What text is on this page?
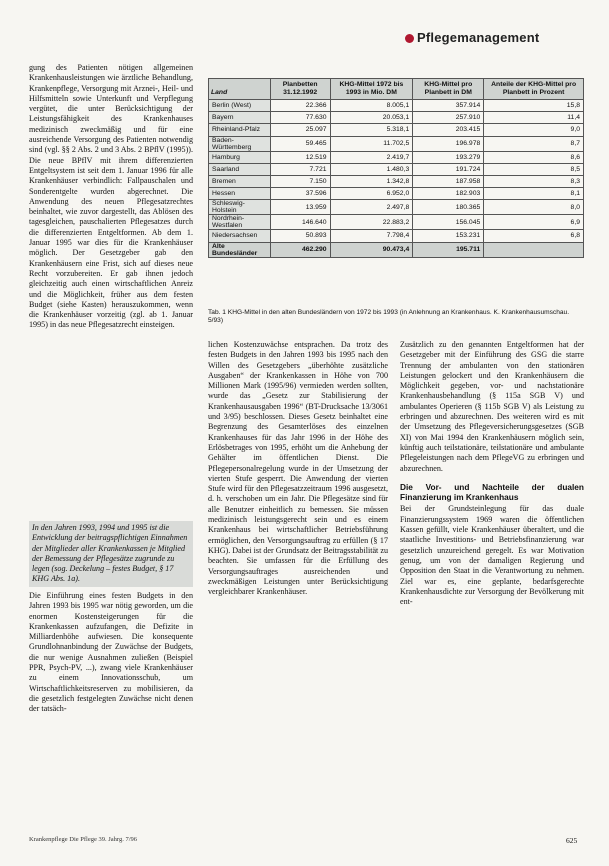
Pflegemanagement

gung des Patienten nötigen allgemeinen Krankenhausleistungen wie ärztliche Behandlung, Krankenpflege, Versorgung mit Arznei-, Heil- und Hilfsmitteln sowie Unterkunft und Verpflegung vergütet, die unter Berücksichtigung der Leistungsfähigkeit des Krankenhauses medizinisch zweckmäßig und für eine ausreichende Versorgung des Patienten notwendig sind (vgl. §§ 2 Abs. 2 und 3 Abs. 2 BPflV (1995)). Die neue BPflV mit ihrem differenzierten Entgeltsystem ist seit dem 1. Januar 1996 für alle Krankenhäuser verbindlich: Fallpauschalen und Sonderentgelte wurden abgerechnet. Die Anwendung des neuen Pflegesatzrechtes beinhaltet, wie zuvor dargestellt, das Ablösen des tagesgleichen, pauschalierten Pflegesatzes durch die differenzierten Entgeltformen. Ab dem 1. Januar 1995 war dies für die Krankenhäuser möglich. Der Gesetzgeber gab den Krankenhäusern eine Frist, sich auf dieses neue Recht vorzubereiten. Er gab ihnen jedoch gleichzeitig auch einen wirtschaftlichen Anreiz und die Möglichkeit, früher aus dem festen Budget (siehe Kasten) herauszukommen, wenn die Krankenhäuser vorzeitig (zgl. ab 1. Januar 1995) in das neue Pflegesatzrecht einsteigen.

In den Jahren 1993, 1994 und 1995 ist die Entwicklung der beitragspflichtigen Einnahmen der Mitglieder aller Krankenkassen je Mitglied der Bemessung der Pflegesätze zugrunde zu legen (sog. Deckelung – festes Budget, § 17 KHG Abs. 1a).
Die Einführung eines festen Budgets in den Jahren 1993 bis 1995 war nötig geworden, um die enormen Kostensteigerungen für die Krankenkassen aufzufangen, die Defizite in Milliardenhöhe aufwiesen. Die konsequente Grundlohnanbindung der Zuwächse der Budgets, die nur wenige Ausnahmen zuließen (Beispiel PPR, Psych-PV, ...), zwang viele Krankenhäuser zu einem Innovationsschub, um Wirtschaftlichkeitsreserven zu mobilisieren, da die gesetzlich festgelegten Zuwächse nicht denen der tatsäch-
Land	Planbetten 31.12.1992	KHG-Mittel 1972 bis 1993 in Mio. DM	KHG-Mittel pro Planbett in DM	Anteile der KHG-Mittel pro Planbett in Prozent
Berlin (West)	22.366	8.005,1	357.914	15,8
Bayern	77.630	20.053,1	257.910	11,4
Rheinland-Pfalz	25.097	5.318,1	203.415	9,0
Baden-Württemberg	59.465	11.702,5	196.978	8,7
Hamburg	12.519	2.419,7	193.279	8,6
Saarland	7.721	1.480,3	191.724	8,5
Bremen	7.150	1.342,8	187.958	8,3
Hessen	37.596	6.952,0	182.903	8,1
Schleswig-Holstein	13.959	2.497,8	180.365	8,0
Nordrhein-Westfalen	146.640	22.883,2	156.045	6,9
Niedersachsen	50.893	7.798,4	153.231	6,8
Alte Bundesländer	462.290	90.473,4	195.711	
Tab. 1 KHG-Mittel in den alten Bundesländern von 1972 bis 1993 (in Anlehnung an Krankenhaus. K. Krankenhausumschau. 5/93)
lichen Kostenzuwächse entsprachen. Da trotz des festen Budgets in den Jahren 1993 bis 1995 nach den Willen des Gesetzgebers „überhöhte zusätzliche Ausgaben“ der Krankenkassen in Höhe von 700 Millionen Mark (1995/96) vermieden werden sollten, wurde das „Gesetz zur Stabilisierung der Krankenhausausgaben 1996“ (BT-Drucksache 13/3061 und 3/95) beschlossen. Dieses Gesetz beinhaltet eine Begrenzung des Gesamterlöses des einzelnen Krankenhauses für das Jahr 1996 in der Höhe des Erlösbetrages von 1995, erhöht um die Anhebung der Gehälter im öffentlichen Dienst. Die Pflegepersonalregelung wurde in der Umsetzung der vierten Stufe gesperrt. Die Anwendung der vierten Stufe wird für den Pflegesatzzeitraum 1996 ausgesetzt, d. h. verschoben um ein Jahr. Die Pflegesätze sind für alle Benutzer einheitlich zu bemessen. Sie müssen medizinisch leistungsgerecht sein und es einem Krankenhaus bei wirtschaftlicher Betriebsführung ermöglichen, den Versorgungsauftrag zu erfüllen (§ 17 KHG). Dabei ist der Grundsatz der Beitragsstabilität zu beachten. Sie umfassen für die Erfüllung des Versorgungsauftrages ausreichenden und zweckmäßigen Leistungen unter Berücksichtigung vergleichbarer Krankenhäuser.
Zusätzlich zu den genannten Entgeltformen hat der Gesetzgeber mit der Einführung des GSG die starre Trennung der ambulanten von den stationären Leistungen gelockert und den Krankenhäusern die Möglichkeit gegeben, vor- und nachstationäre Krankenhausbehandlung (§ 115a SGB V) und ambulantes Operieren (§ 115b SGB V) als Leistung zu erbringen und abzurechnen. Des weiteren wird es mit der Umsetzung des Pflegeversicherungsgesetzes (SGB XI) von Mai 1994 den Krankenhäusern möglich sein, künftig auch teilstationäre, teilstationäre und ambulante Pflegeleistungen nach dem PflegeVG zu erbringen und abzurechnen.
Die Vor- und Nachteile der dualen Finanzierung im Krankenhaus
Bei der Grundsteinlegung für das duale Finanzierungssystem 1969 waren die öffentlichen Kassen gefüllt, viele Krankenhäuser überaltert, und die staatliche Investitions- und Betriebsfinanzierung war gesetzlich unzureichend geregelt. Es war Motivation genug, um von der damaligen Regierung und Opposition den Staat in die Verantwortung zu nehmen. Ziel war es, eine geplante, bedarfsgerechte Krankenhausdichte zur Versorgung der Bevölkerung mit ent-
Krankenpflege Die Pflege 39. Jahrg. 7/96	625
